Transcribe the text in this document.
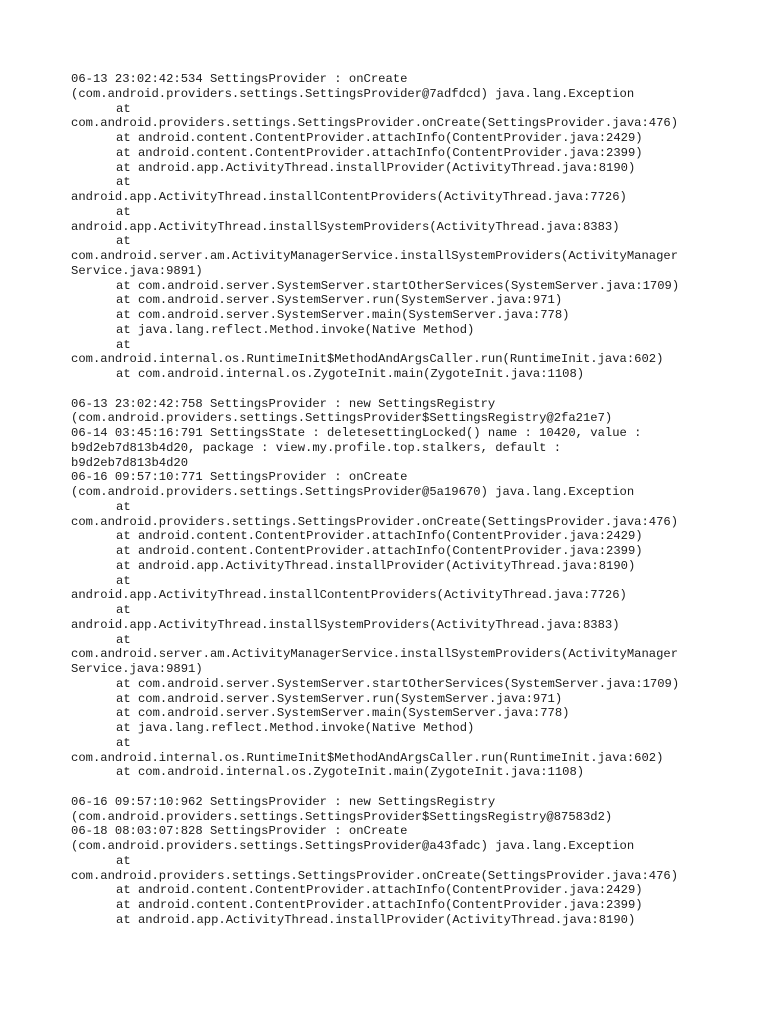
06-13 23:02:42:534 SettingsProvider : onCreate
(com.android.providers.settings.SettingsProvider@7adfdcd) java.lang.Exception
at
com.android.providers.settings.SettingsProvider.onCreate(SettingsProvider.java:476)
at android.content.ContentProvider.attachInfo(ContentProvider.java:2429)
at android.content.ContentProvider.attachInfo(ContentProvider.java:2399)
at android.app.ActivityThread.installProvider(ActivityThread.java:8190)
at
android.app.ActivityThread.installContentProviders(ActivityThread.java:7726)
at
android.app.ActivityThread.installSystemProviders(ActivityThread.java:8383)
at
com.android.server.am.ActivityManagerService.installSystemProviders(ActivityManager
Service.java:9891)
at com.android.server.SystemServer.startOtherServices(SystemServer.java:1709)
at com.android.server.SystemServer.run(SystemServer.java:971)
at com.android.server.SystemServer.main(SystemServer.java:778)
at java.lang.reflect.Method.invoke(Native Method)
at
com.android.internal.os.RuntimeInit$MethodAndArgsCaller.run(RuntimeInit.java:602)
at com.android.internal.os.ZygoteInit.main(ZygoteInit.java:1108)
06-13 23:02:42:758 SettingsProvider : new SettingsRegistry
(com.android.providers.settings.SettingsProvider$SettingsRegistry@2fa21e7)
06-14 03:45:16:791 SettingsState : deletesettingLocked() name : 10420, value :
b9d2eb7d813b4d20, package : view.my.profile.top.stalkers, default :
b9d2eb7d813b4d20
06-16 09:57:10:771 SettingsProvider : onCreate
(com.android.providers.settings.SettingsProvider@5a19670) java.lang.Exception
at
com.android.providers.settings.SettingsProvider.onCreate(SettingsProvider.java:476)
at android.content.ContentProvider.attachInfo(ContentProvider.java:2429)
at android.content.ContentProvider.attachInfo(ContentProvider.java:2399)
at android.app.ActivityThread.installProvider(ActivityThread.java:8190)
at
android.app.ActivityThread.installContentProviders(ActivityThread.java:7726)
at
android.app.ActivityThread.installSystemProviders(ActivityThread.java:8383)
at
com.android.server.am.ActivityManagerService.installSystemProviders(ActivityManager
Service.java:9891)
at com.android.server.SystemServer.startOtherServices(SystemServer.java:1709)
at com.android.server.SystemServer.run(SystemServer.java:971)
at com.android.server.SystemServer.main(SystemServer.java:778)
at java.lang.reflect.Method.invoke(Native Method)
at
com.android.internal.os.RuntimeInit$MethodAndArgsCaller.run(RuntimeInit.java:602)
at com.android.internal.os.ZygoteInit.main(ZygoteInit.java:1108)
06-16 09:57:10:962 SettingsProvider : new SettingsRegistry
(com.android.providers.settings.SettingsProvider$SettingsRegistry@87583d2)
06-18 08:03:07:828 SettingsProvider : onCreate
(com.android.providers.settings.SettingsProvider@a43fadc) java.lang.Exception
at
com.android.providers.settings.SettingsProvider.onCreate(SettingsProvider.java:476)
at android.content.ContentProvider.attachInfo(ContentProvider.java:2429)
at android.content.ContentProvider.attachInfo(ContentProvider.java:2399)
at android.app.ActivityThread.installProvider(ActivityThread.java:8190)
